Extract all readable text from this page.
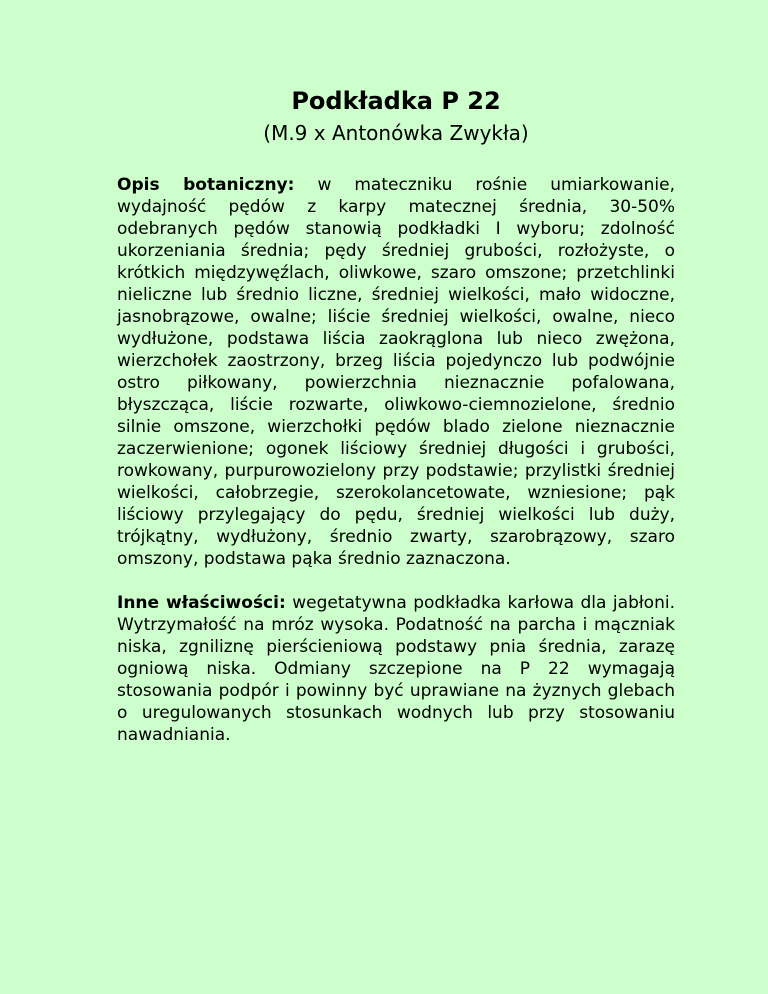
Podkładka P 22
(M.9 x Antonówka Zwykła)

Opis botaniczny: w mateczniku rośnie umiarkowanie, wydajność pędów z karpy matecznej średnia, 30-50% odebranych pędów stanowią podkładki I wyboru; zdolność ukorzeniania średnia; pędy średniej grubości, rozłożyste, o krótkich międzywęźlach, oliwkowe, szaro omszone; przetchlinki nieliczne lub średnio liczne, średniej wielkości, mało widoczne, jasnobrązowe, owalne; liście średniej wielkości, owalne, nieco wydłużone, podstawa liścia zaokrąglona lub nieco zwężona, wierzchołek zaostrzony, brzeg liścia pojedynczo lub podwójnie ostro piłkowany, powierzchnia nieznacznie pofalowana, błyszcząca, liście rozwarte, oliwkowo-ciemnozielone, średnio silnie omszone, wierzchołki pędów blado zielone nieznacznie zaczerwienione; ogonek liściowy średniej długości i grubości, rowkowany, purpurowozielony przy podstawie; przylistki średniej wielkości, całobrzegie, szerokolancetowate, wzniesione; pąk liściowy przylegający do pędu, średniej wielkości lub duży, trójkątny, wydłużony, średnio zwarty, szarobrązowy, szaro omszony, podstawa pąka średnio zaznaczona.

Inne właściwości: wegetatywna podkładka karłowa dla jabłoni. Wytrzymałość na mróz wysoka. Podatność na parcha i mączniak niska, zgniliznę pierścieniową podstawy pnia średnia, zarazę ogniową niska. Odmiany szczepione na P 22 wymagają stosowania podpór i powinny być uprawiane na żyznych glebach o uregulowanych stosunkach wodnych lub przy stosowaniu nawadniania.
